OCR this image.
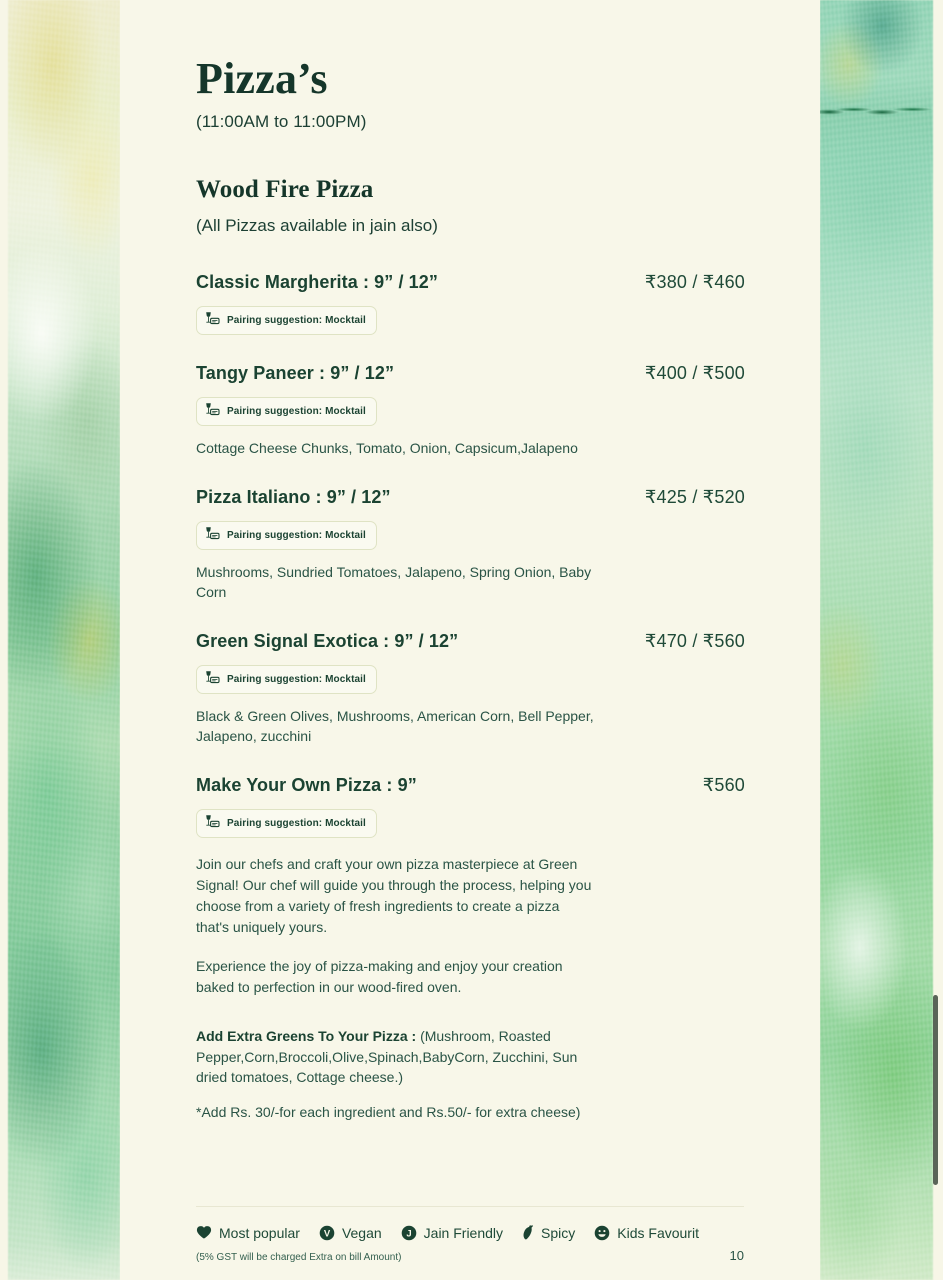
Pizza’s
(11:00AM to 11:00PM)
Wood Fire Pizza
(All Pizzas available in jain also)
Classic Margherita : 9” / 12”	₹380 / ₹460
Pairing suggestion: Mocktail
Tangy Paneer : 9” / 12”	₹400 / ₹500
Pairing suggestion: Mocktail
Cottage Cheese Chunks, Tomato, Onion, Capsicum,Jalapeno
Pizza Italiano : 9” / 12”	₹425 / ₹520
Pairing suggestion: Mocktail
Mushrooms, Sundried Tomatoes, Jalapeno, Spring Onion, Baby Corn
Green Signal Exotica : 9” / 12”	₹470 / ₹560
Pairing suggestion: Mocktail
Black & Green Olives, Mushrooms, American Corn, Bell Pepper, Jalapeno, zucchini
Make Your Own Pizza : 9”	₹560
Pairing suggestion: Mocktail
Join our chefs and craft your own pizza masterpiece at Green Signal! Our chef will guide you through the process, helping you choose from a variety of fresh ingredients to create a pizza that's uniquely yours.
Experience the joy of pizza-making and enjoy your creation baked to perfection in our wood-fired oven.
Add Extra Greens To Your Pizza : (Mushroom, Roasted Pepper,Corn,Broccoli,Olive,Spinach,BabyCorn, Zucchini, Sun dried tomatoes, Cottage cheese.)
*Add Rs. 30/-for each ingredient and Rs.50/- for extra cheese)
Most popular	V Vegan	J Jain Friendly	Spicy	Kids Favourit
(5% GST will be charged Extra on bill Amount)	10
